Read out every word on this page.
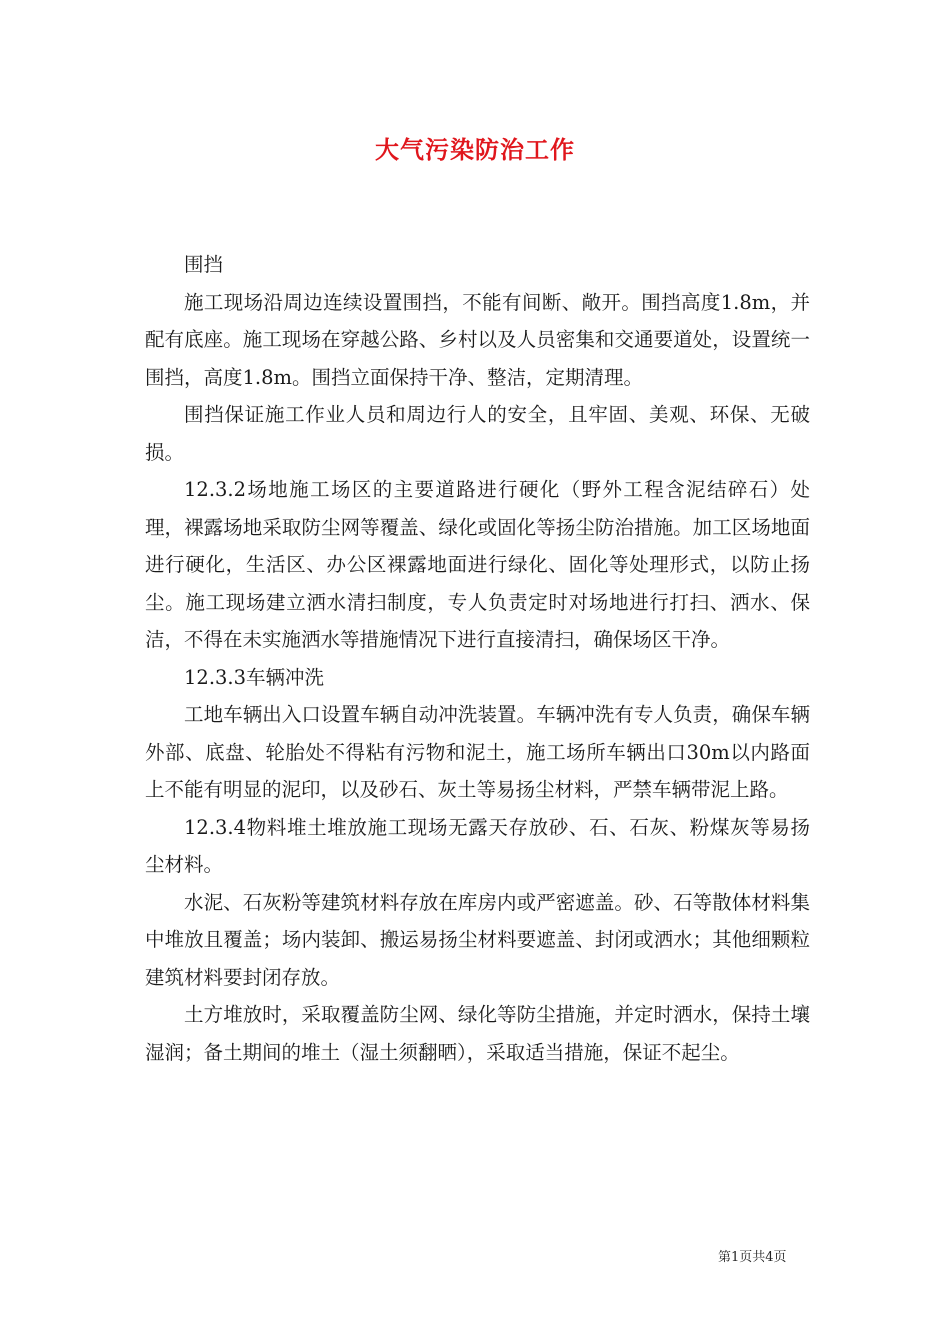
大气污染防治工作

围挡

施工现场沿周边连续设置围挡，不能有间断、敞开。围挡高度1.8m，并配有底座。施工现场在穿越公路、乡村以及人员密集和交通要道处，设置统一围挡，高度1.8m。围挡立面保持干净、整洁，定期清理。

围挡保证施工作业人员和周边行人的安全，且牢固、美观、环保、无破损。

12.3.2场地施工场区的主要道路进行硬化（野外工程含泥结碎石）处理，裸露场地采取防尘网等覆盖、绿化或固化等扬尘防治措施。加工区场地面进行硬化，生活区、办公区裸露地面进行绿化、固化等处理形式，以防止扬尘。施工现场建立洒水清扫制度，专人负责定时对场地进行打扫、洒水、保洁，不得在未实施洒水等措施情况下进行直接清扫，确保场区干净。

12.3.3车辆冲洗

工地车辆出入口设置车辆自动冲洗装置。车辆冲洗有专人负责，确保车辆外部、底盘、轮胎处不得粘有污物和泥土，施工场所车辆出口30m以内路面上不能有明显的泥印，以及砂石、灰土等易扬尘材料，严禁车辆带泥上路。

12.3.4物料堆土堆放施工现场无露天存放砂、石、石灰、粉煤灰等易扬尘材料。

水泥、石灰粉等建筑材料存放在库房内或严密遮盖。砂、石等散体材料集中堆放且覆盖；场内装卸、搬运易扬尘材料要遮盖、封闭或洒水；其他细颗粒建筑材料要封闭存放。

土方堆放时，采取覆盖防尘网、绿化等防尘措施，并定时洒水，保持土壤湿润；备土期间的堆土（湿土须翻晒），采取适当措施，保证不起尘。

第1页共4页
